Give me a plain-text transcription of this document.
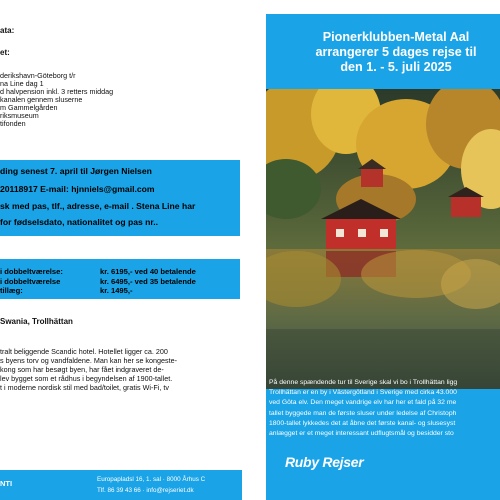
ata:
et:
derikshavn-Göteborg t/r
na Line dag 1
d halvpension inkl. 3 retters middag
kanalen gennem sluserne
m Gammelgården
riksmuseum
tifonden
ding senest 7. april til Jørgen Nielsen
20118917 E-mail: hjnniels@gmail.com
sk med pas, tlf., adresse, e-mail . Stena Line har
for fødselsdato, nationalitet og pas nr..
i dobbeltværelse:	kr. 6195,- ved 40 betalende
i dobbeltværelse	kr. 6495,- ved 35 betalende
tillæg:	kr. 1495,-
Swania, Trollhättan
tralt beliggende Scandic hotel. Hotellet ligger ca. 200
s byens torv og vandfaldene. Man kan her se kongeste-
kong som har besøgt byen, har fået indgraveret de-
lev bygget som et rådhus i begyndelsen af 1900-tallet.
t i moderne nordisk stil med bad/toilet, gratis Wi-Fi, tv
NTI	Europapladsl 16, 1. sal · 8000 Århus C
Tlf. 86 39 43 66 · info@rejseriet.dk
Pionerklubben-Metal Aal
arrangerer 5 dages rejse til
den 1. - 5. juli 2025
På denne spændende tur til Sverige skal vi bo i Trollhättan ligg
Trollhättan er en by i Västergötland i Sverige med cirka 43.000
ved Göta elv. Den meget vandrige elv har her et fald på 32 me
tallet byggede man de første sluser under ledelse af Christoph
1800-tallet lykkedes det at åbne det første kanal- og slusesyst
anlægget er et meget interessant udflugtsmål og besidder sto
Ruby Rejser
